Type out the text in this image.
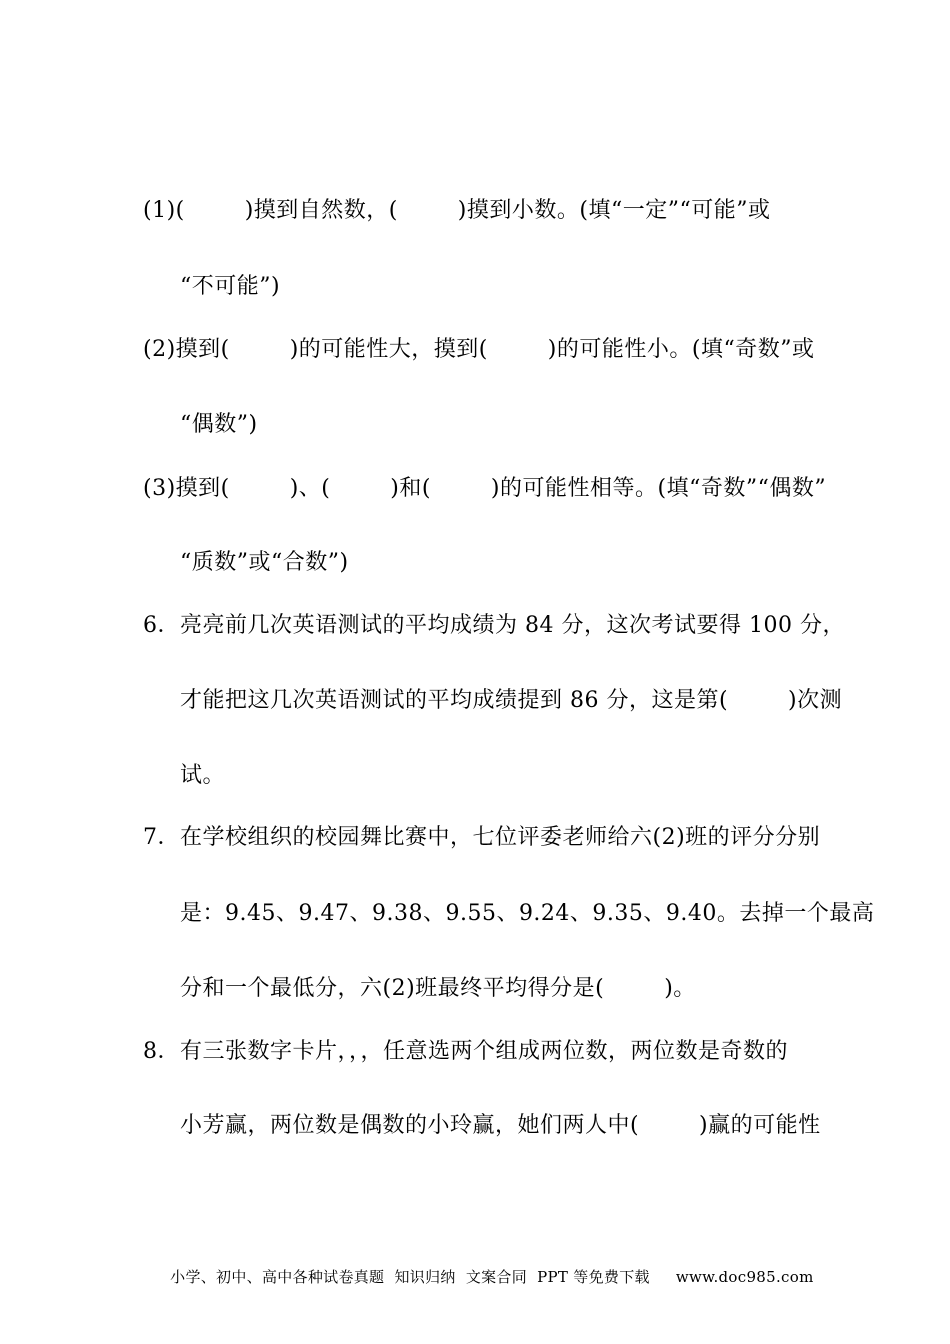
(1)(        )摸到自然数，(        )摸到小数。(填“一定”“可能”或
“不可能”)
(2)摸到(        )的可能性大，摸到(        )的可能性小。(填“奇数”或
“偶数”)
(3)摸到(        )、(        )和(        )的可能性相等。(填“奇数”“偶数”
“质数”或“合数”)
6．亮亮前几次英语测试的平均成绩为 84 分，这次考试要得 100 分，
才能把这几次英语测试的平均成绩提到 86 分，这是第(        )次测
试。
7．在学校组织的校园舞比赛中，七位评委老师给六(2)班的评分分别
是：9.45、9.47、9.38、9.55、9.24、9.35、9.40。去掉一个最高
分和一个最低分，六(2)班最终平均得分是(        )。
8．有三张数字卡片，，，任意选两个组成两位数，两位数是奇数的
小芳赢，两位数是偶数的小玲赢，她们两人中(        )赢的可能性

小学、初中、高中各种试卷真题  知识归纳  文案合同  PPT 等免费下载 www.doc985.com
